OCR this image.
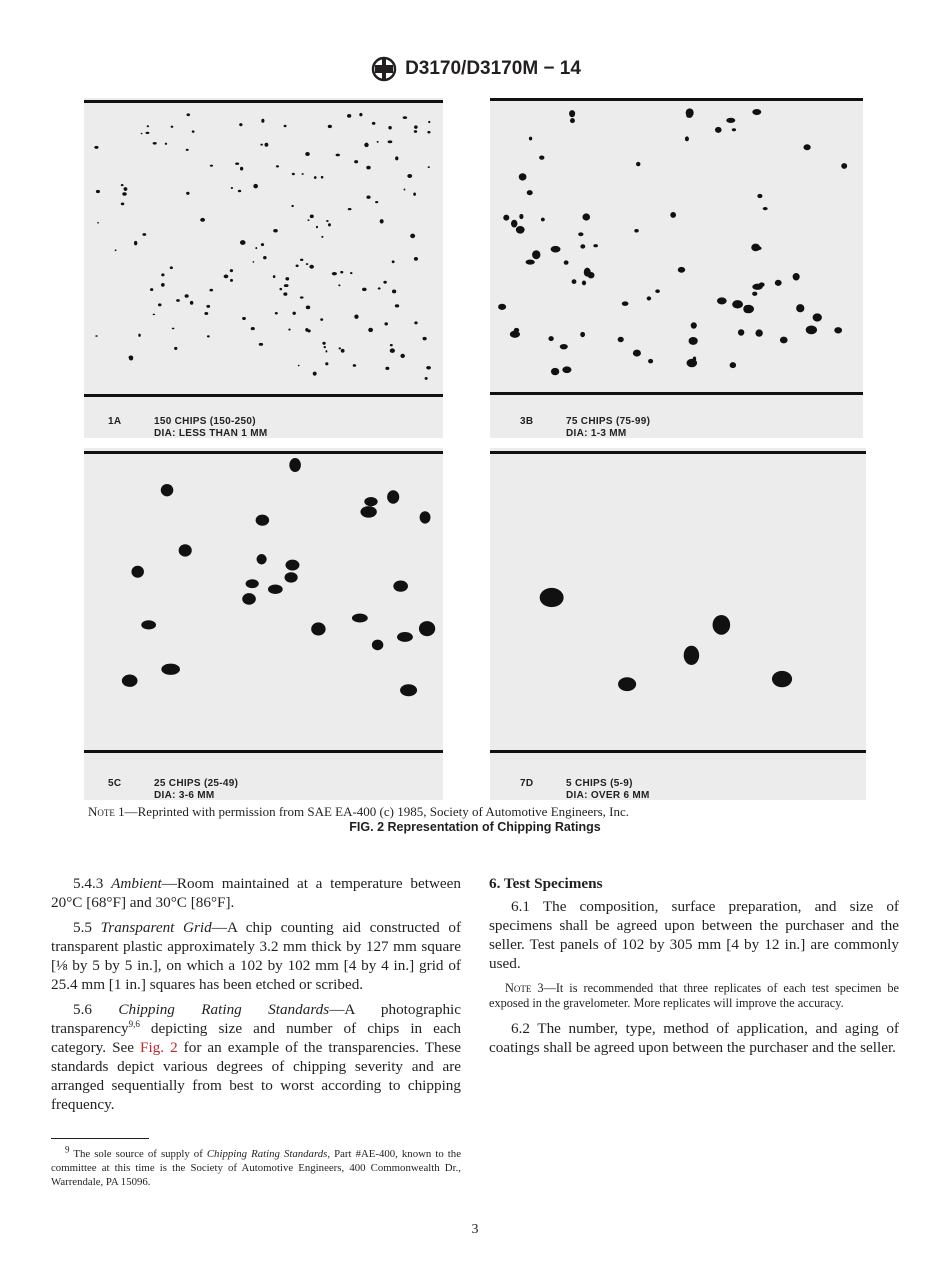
D3170/D3170M − 14
1A	150 CHIPS (150-250)
DIA: LESS THAN 1 MM
3B	75 CHIPS (75-99)
DIA: 1-3 MM
5C	25 CHIPS (25-49)
DIA: 3-6 MM
7D	5 CHIPS (5-9)
DIA: OVER 6 MM
Note 1—Reprinted with permission from SAE EA-400 (c) 1985, Society of Automotive Engineers, Inc.
FIG. 2 Representation of Chipping Ratings

5.4.3 Ambient—Room maintained at a temperature between 20°C [68°F] and 30°C [86°F].

5.5 Transparent Grid—A chip counting aid constructed of transparent plastic approximately 3.2 mm thick by 127 mm square [⅛ by 5 by 5 in.], on which a 102 by 102 mm [4 by 4 in.] grid of 25.4 mm [1 in.] squares has been etched or scribed.

5.6 Chipping Rating Standards—A photographic transparency$^{9,6}$ depicting size and number of chips in each category. See Fig. 2 for an example of the transparencies. These standards depict various degrees of chipping severity and are arranged sequentially from best to worst according to chipping frequency.

6. Test Specimens

6.1 The composition, surface preparation, and size of specimens shall be agreed upon between the purchaser and the seller. Test panels of 102 by 305 mm [4 by 12 in.] are commonly used.

Note 3—It is recommended that three replicates of each test specimen be exposed in the gravelometer. More replicates will improve the accuracy.

6.2 The number, type, method of application, and aging of coatings shall be agreed upon between the purchaser and the seller.

$^9$ The sole source of supply of Chipping Rating Standards, Part #AE-400, known to the committee at this time is the Society of Automotive Engineers, 400 Commonwealth Dr., Warrendale, PA 15096.
3
